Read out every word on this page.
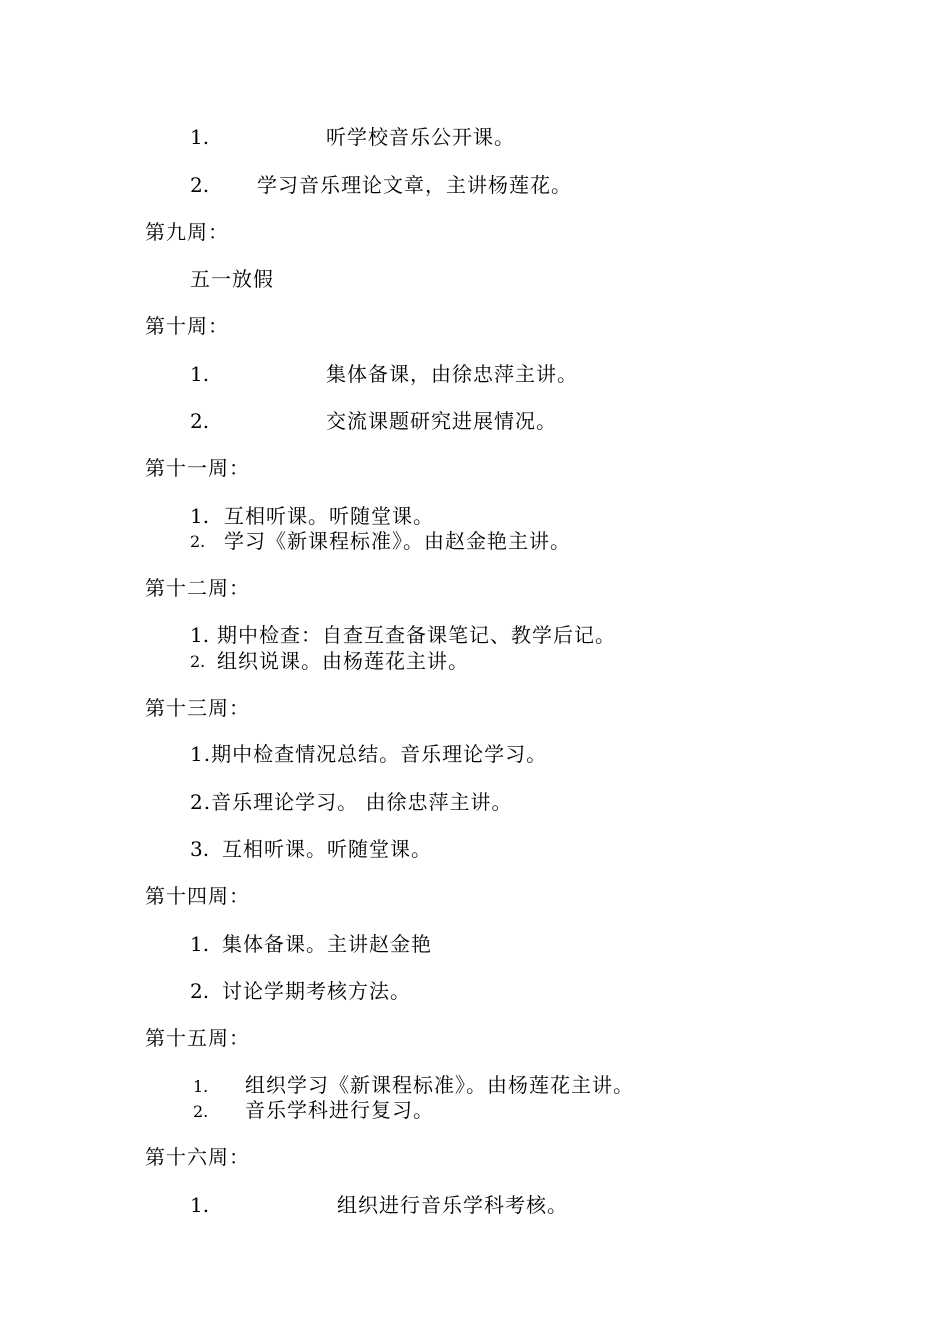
1.	听学校音乐公开课。
2. 学习音乐理论文章，主讲杨莲花。
第九周：
五一放假
第十周：
1.	集体备课，由徐忠萍主讲。
2.	交流课题研究进展情况。
第十一周：
1. 互相听课。听随堂课。
2. 学习《新课程标准》。由赵金艳主讲。
第十二周：
1. 期中检查：自查互查备课笔记、教学后记。
2. 组织说课。由杨莲花主讲。
第十三周：
1.期中检查情况总结。音乐理论学习。
2.音乐理论学习。 由徐忠萍主讲。
3. 互相听课。听随堂课。
第十四周：
1. 集体备课。主讲赵金艳
2. 讨论学期考核方法。
第十五周：
1. 组织学习《新课程标准》。由杨莲花主讲。
2. 音乐学科进行复习。
第十六周：
1.	组织进行音乐学科考核。
